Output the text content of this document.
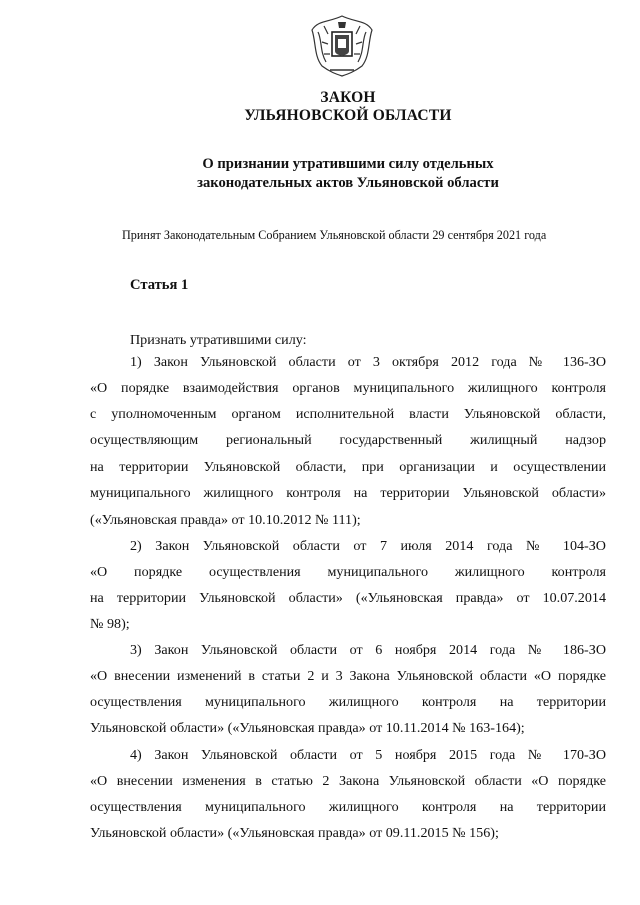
ЗАКОН
УЛЬЯНОВСКОЙ ОБЛАСТИ
О признании утратившими силу отдельных
законодательных актов Ульяновской области
Принят Законодательным Собранием Ульяновской области 29 сентября 2021 года
Статья 1
Признать утратившими силу:
1) Закон Ульяновской области от 3 октября 2012 года № 136-ЗО
«О порядке взаимодействия органов муниципального жилищного контроля
с уполномоченным органом исполнительной власти Ульяновской области,
осуществляющим региональный государственный жилищный надзор
на территории Ульяновской области, при организации и осуществлении
муниципального жилищного контроля на территории Ульяновской области»
(«Ульяновская правда» от 10.10.2012 № 111);
2) Закон Ульяновской области от 7 июля 2014 года № 104-ЗО
«О порядке осуществления муниципального жилищного контроля
на территории Ульяновской области» («Ульяновская правда» от 10.07.2014
№ 98);
3) Закон Ульяновской области от 6 ноября 2014 года № 186-ЗО
«О внесении изменений в статьи 2 и 3 Закона Ульяновской области «О порядке
осуществления муниципального жилищного контроля на территории
Ульяновской области» («Ульяновская правда» от 10.11.2014 № 163-164);
4) Закон Ульяновской области от 5 ноября 2015 года № 170-ЗО
«О внесении изменения в статью 2 Закона Ульяновской области «О порядке
осуществления муниципального жилищного контроля на территории
Ульяновской области» («Ульяновская правда» от 09.11.2015 № 156);
